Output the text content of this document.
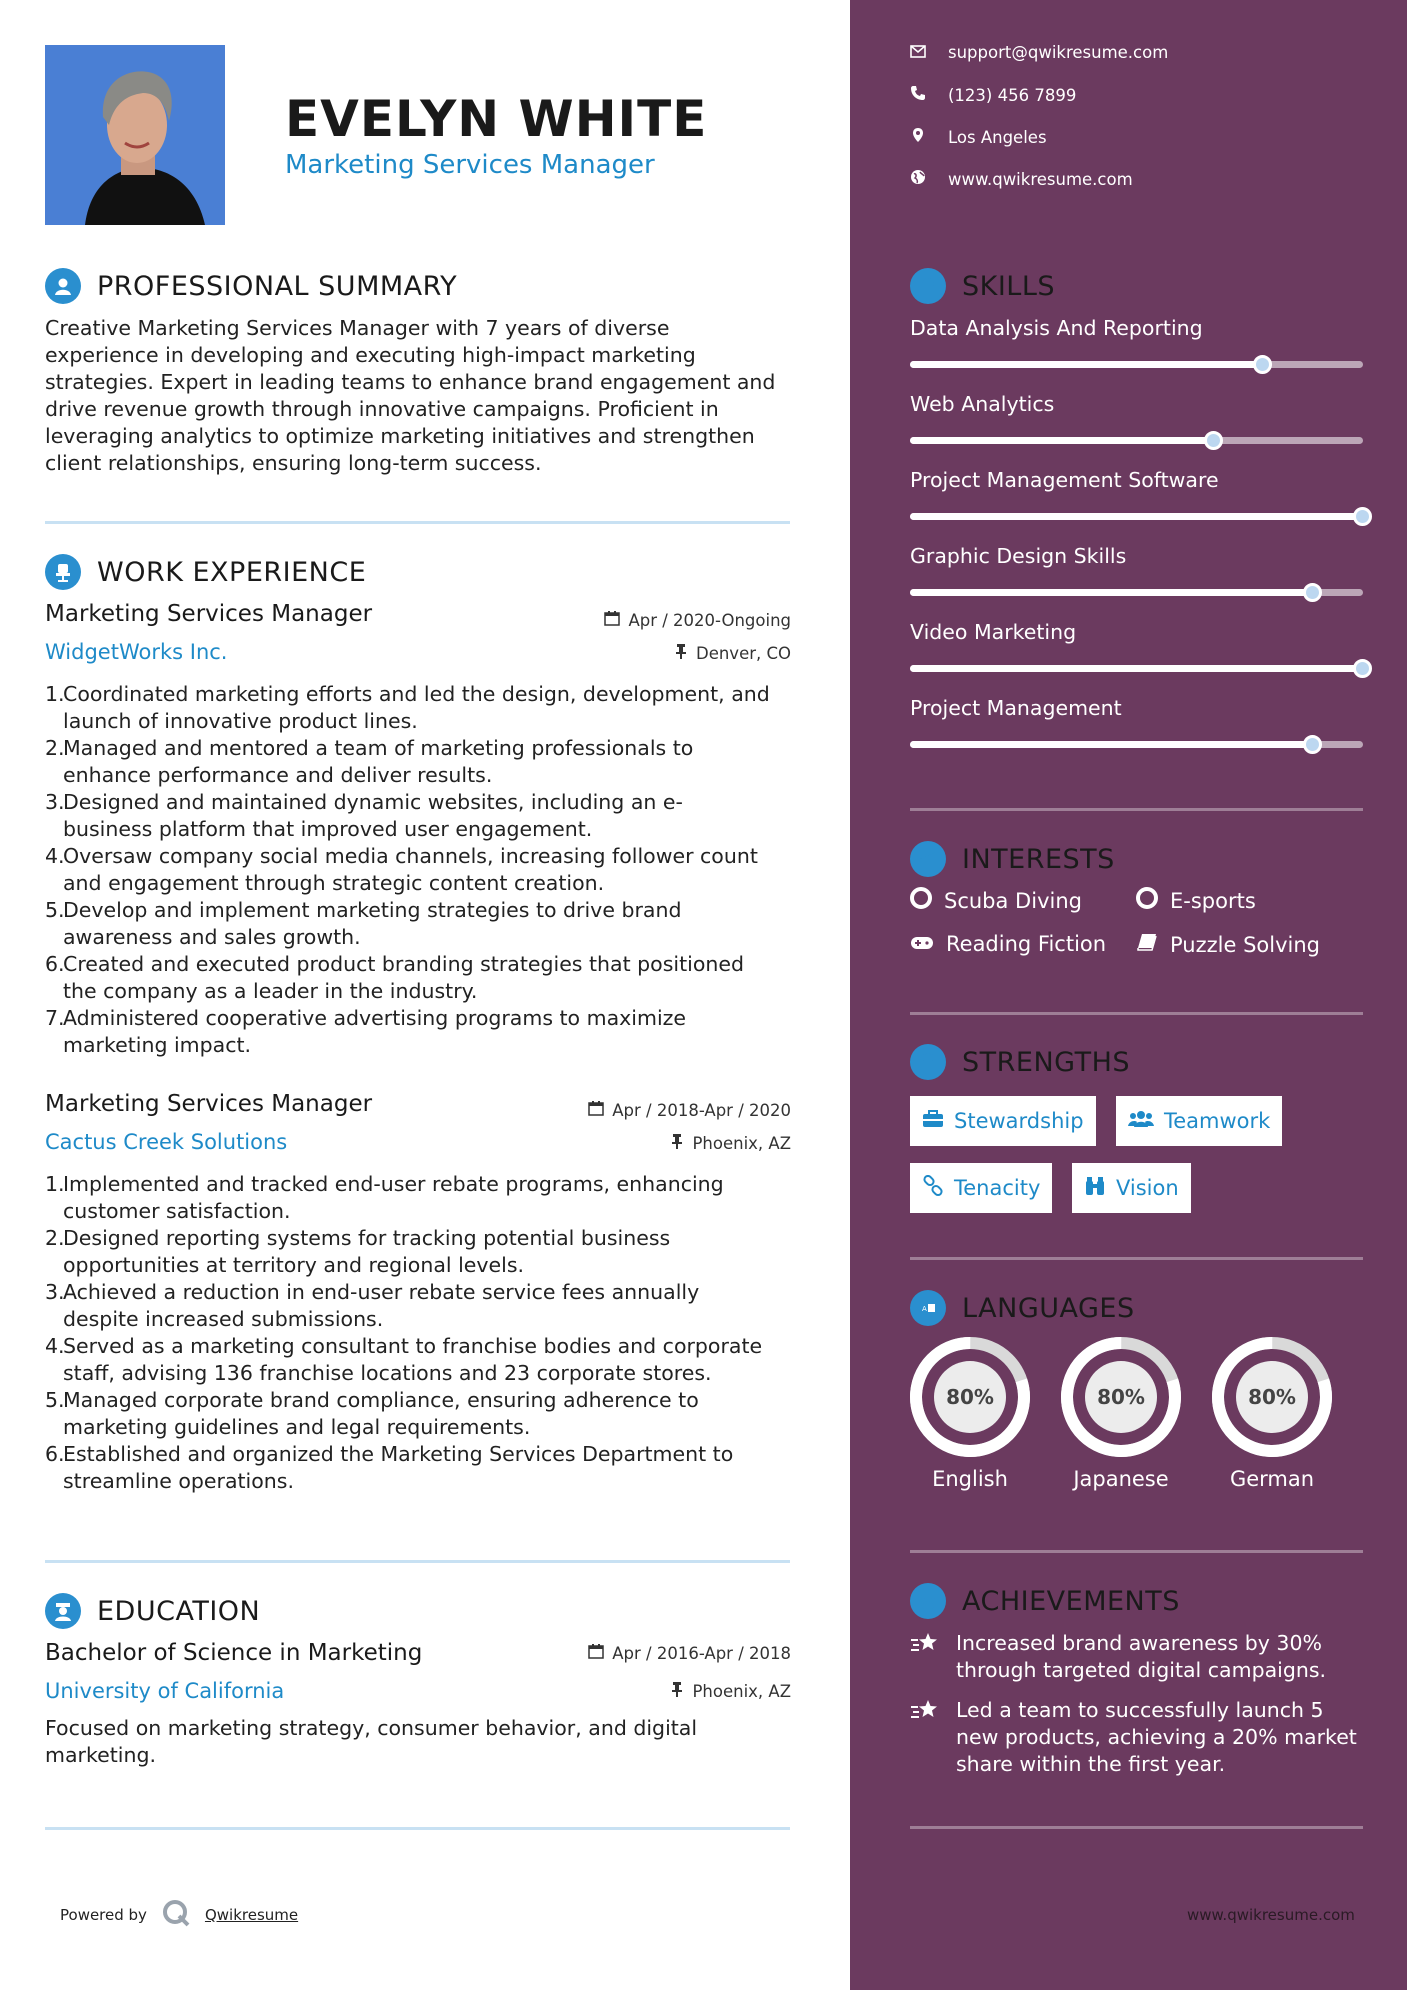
EVELYN WHITE
Marketing Services Manager
PROFESSIONAL SUMMARY
Creative Marketing Services Manager with 7 years of diverse
experience in developing and executing high-impact marketing
strategies. Expert in leading teams to enhance brand engagement and
drive revenue growth through innovative campaigns. Proficient in
leveraging analytics to optimize marketing initiatives and strengthen
client relationships, ensuring long-term success.
WORK EXPERIENCE
Marketing Services Manager	Apr / 2020-Ongoing
WidgetWorks Inc.	Denver, CO
1.
Coordinated marketing efforts and led the design, development, and
launch of innovative product lines.
2.
Managed and mentored a team of marketing professionals to
enhance performance and deliver results.
3.
Designed and maintained dynamic websites, including an e-
business platform that improved user engagement.
4.
Oversaw company social media channels, increasing follower count
and engagement through strategic content creation.
5.
Develop and implement marketing strategies to drive brand
awareness and sales growth.
6.
Created and executed product branding strategies that positioned
the company as a leader in the industry.
7.
Administered cooperative advertising programs to maximize
marketing impact.
Marketing Services Manager	Apr / 2018-Apr / 2020
Cactus Creek Solutions	Phoenix, AZ
1.
Implemented and tracked end-user rebate programs, enhancing
customer satisfaction.
2.
Designed reporting systems for tracking potential business
opportunities at territory and regional levels.
3.
Achieved a reduction in end-user rebate service fees annually
despite increased submissions.
4.
Served as a marketing consultant to franchise bodies and corporate
staff, advising 136 franchise locations and 23 corporate stores.
5.
Managed corporate brand compliance, ensuring adherence to
marketing guidelines and legal requirements.
6.
Established and organized the Marketing Services Department to
streamline operations.
EDUCATION
Bachelor of Science in Marketing	Apr / 2016-Apr / 2018
University of California	Phoenix, AZ
Focused on marketing strategy, consumer behavior, and digital
marketing.
Powered by	Qwikresume
support@qwikresume.com
(123) 456 7899
Los Angeles
www.qwikresume.com
SKILLS
Data Analysis And Reporting
Web Analytics
Project Management Software
Graphic Design Skills
Video Marketing
Project Management
INTERESTS
Scuba Diving	E-sports
Reading Fiction	Puzzle Solving
STRENGTHS
Stewardship	Teamwork
Tenacity	Vision
A LANGUAGES
80%
English
80%
Japanese
80%
German
ACHIEVEMENTS
Increased brand awareness by 30%
through targeted digital campaigns.
Led a team to successfully launch 5
new products, achieving a 20% market
share within the first year.
www.qwikresume.com
